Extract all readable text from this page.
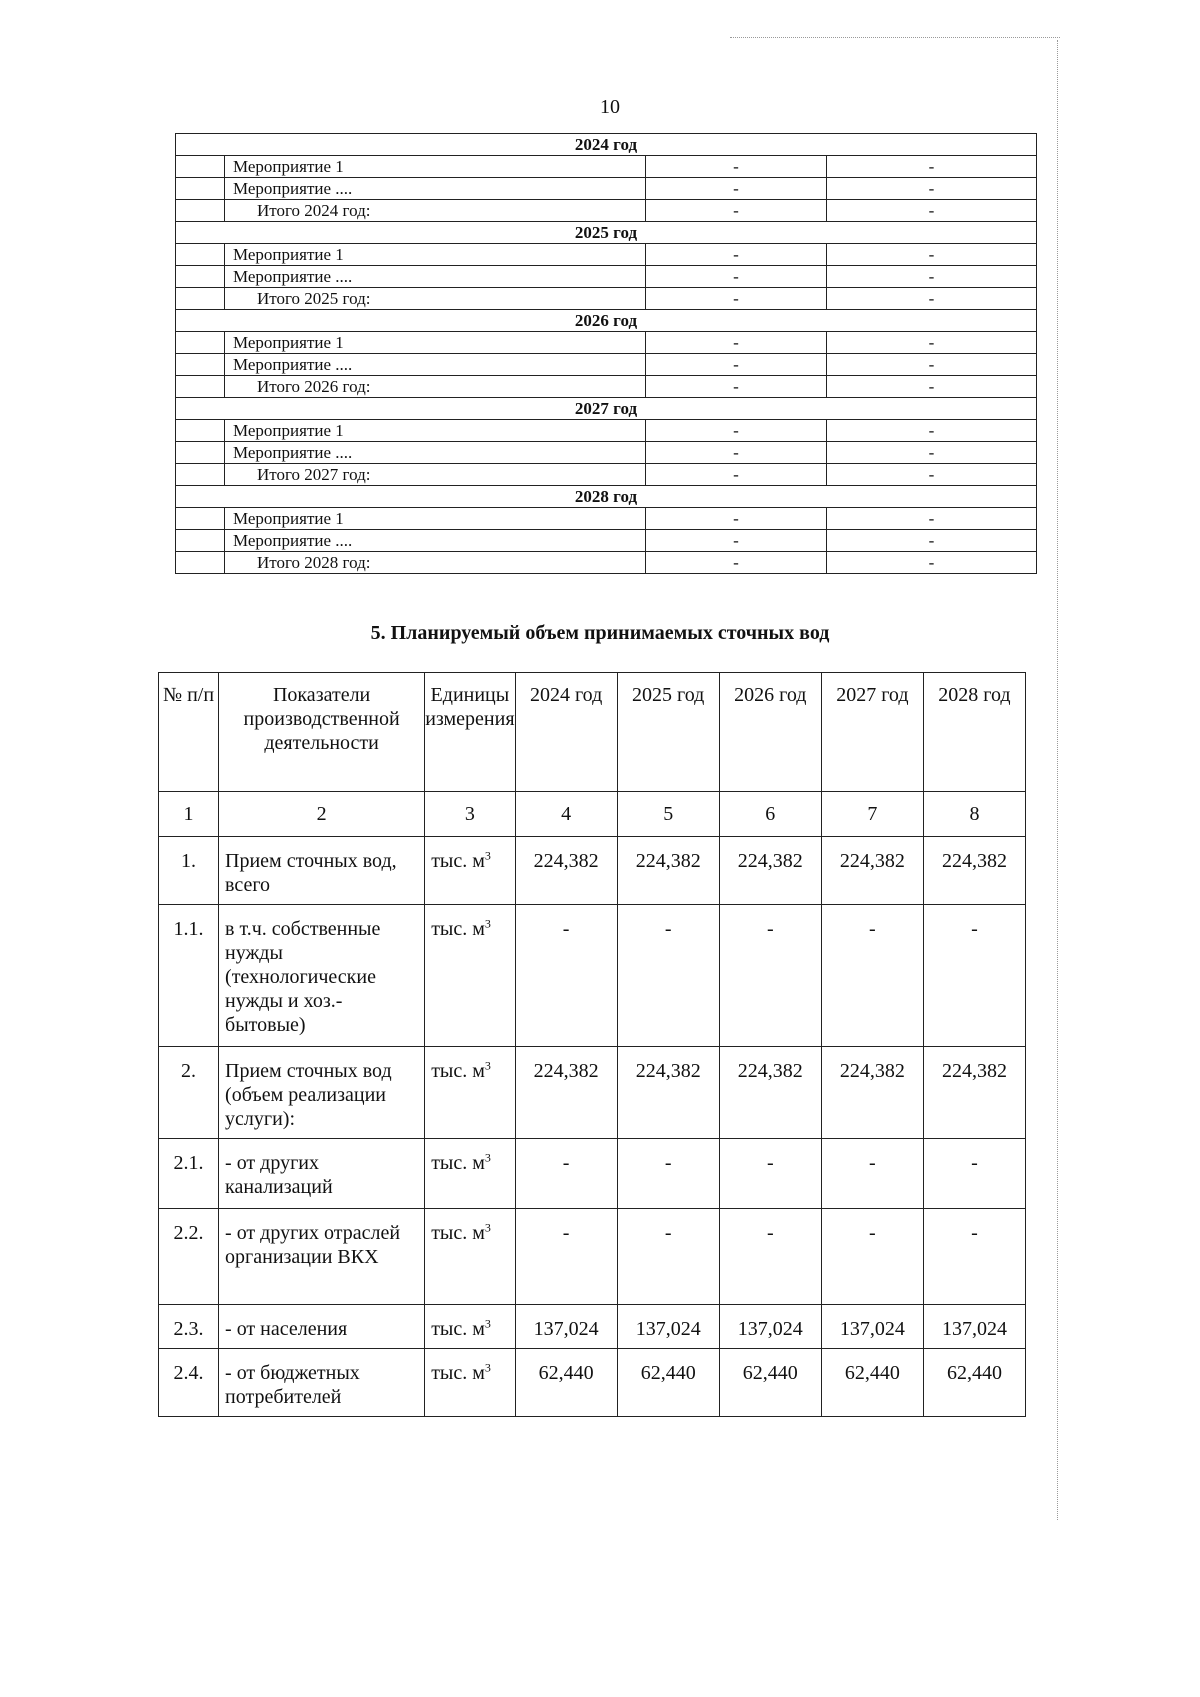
10
2024 год			
	Мероприятие 1	-	-
	Мероприятие ....	-	-
	Итого 2024 год:	-	-
2025 год			
	Мероприятие 1	-	-
	Мероприятие ....	-	-
	Итого 2025 год:	-	-
2026 год			
	Мероприятие 1	-	-
	Мероприятие ....	-	-
	Итого 2026 год:	-	-
2027 год			
	Мероприятие 1	-	-
	Мероприятие ....	-	-
	Итого 2027 год:	-	-
2028 год			
	Мероприятие 1	-	-
	Мероприятие ....	-	-
	Итого 2028 год:	-	-
5. Планируемый объем принимаемых сточных вод
№ п/п	Показатели производственной деятельности	Единицы измерения	2024 год	2025 год	2026 год	2027 год	2028 год
1	2	3	4	5	6	7	8
1.	Прием сточных вод, всего	тыс. $м^3$	224,382	224,382	224,382	224,382	224,382
1.1.	в т.ч. собственные нужды (технологические нужды и хоз.-бытовые)	тыс. $м^3$	-	-	-	-	-
2.	Прием сточных вод (объем реализации услуги):	тыс. $м^3$	224,382	224,382	224,382	224,382	224,382
2.1.	- от других канализаций	тыс. $м^3$	-	-	-	-	-
2.2.	- от других отраслей организации ВКХ	тыс. $м^3$	-	-	-	-	-
2.3.	- от населения	тыс. $м^3$	137,024	137,024	137,024	137,024	137,024
2.4.	- от бюджетных потребителей	тыс. $м^3$	62,440	62,440	62,440	62,440	62,440
